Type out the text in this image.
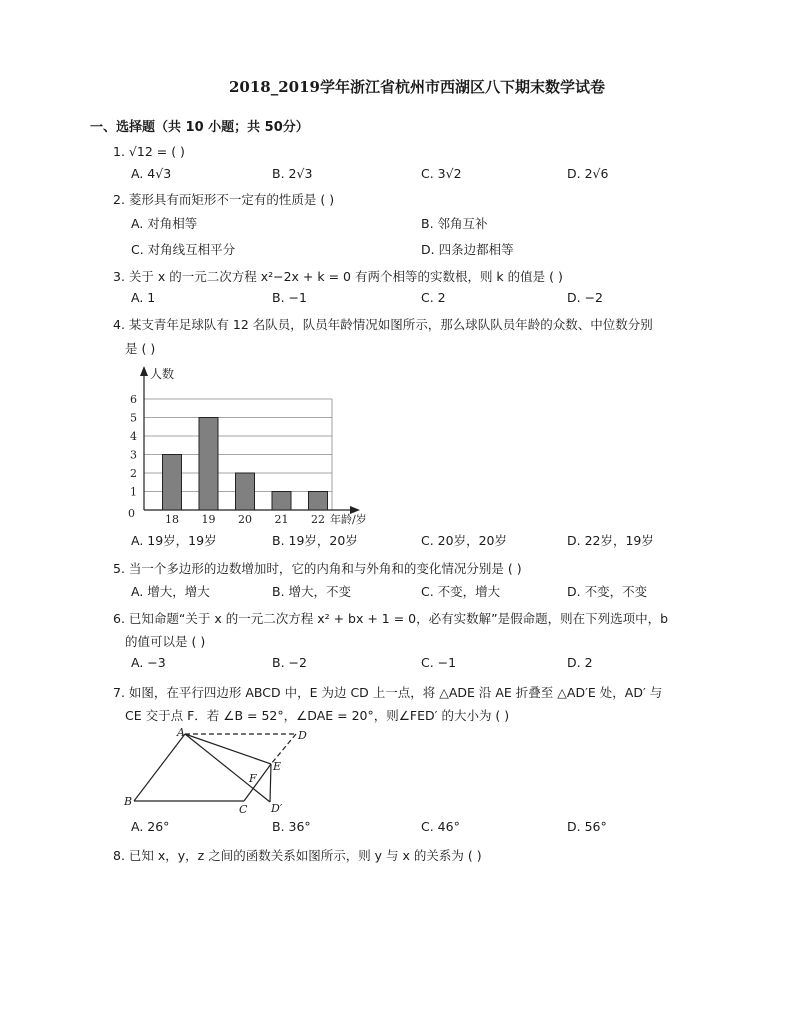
2018_2019学年浙江省杭州市西湖区八下期末数学试卷
一、选择题（共 10 小题；共 50分）
1. √12 = ( )
A. 4√3	B. 2√3	C. 3√2	D. 2√6
2. 菱形具有而矩形不一定有的性质是 ( )
A. 对角相等	B. 邻角互补
C. 对角线互相平分	D. 四条边都相等
3. 关于 x 的一元二次方程 x²−2x + k = 0 有两个相等的实数根，则 k 的值是 ( )
A. 1	B. −1	C. 2	D. −2
4. 某支青年足球队有 12 名队员，队员年龄情况如图所示，那么球队队员年龄的众数、中位数分别
是 ( )
0
1
2
3
4
5
6
人数
年龄/岁
18 19 20 21 22
A. 19岁，19岁	B. 19岁，20岁	C. 20岁，20岁	D. 22岁，19岁
5. 当一个多边形的边数增加时，它的内角和与外角和的变化情况分别是 ( )
A. 增大，增大	B. 增大，不变	C. 不变，增大	D. 不变，不变
6. 已知命题“关于 x 的一元二次方程 x² + bx + 1 = 0，必有实数解”是假命题，则在下列选项中，b
的值可以是 ( )
A. −3	B. −2	C. −1	D. 2
7. 如图，在平行四边形 ABCD 中，E 为边 CD 上一点，将 △ADE 沿 AE 折叠至 △AD′E 处，AD′ 与
CE 交于点 F．若 ∠B = 52°，∠DAE = 20°，则∠FED′ 的大小为 ( )
A
B
C
D
E
F
D′
A. 26°	B. 36°	C. 46°	D. 56°
8. 已知 x，y，z 之间的函数关系如图所示，则 y 与 x 的关系为 ( )
